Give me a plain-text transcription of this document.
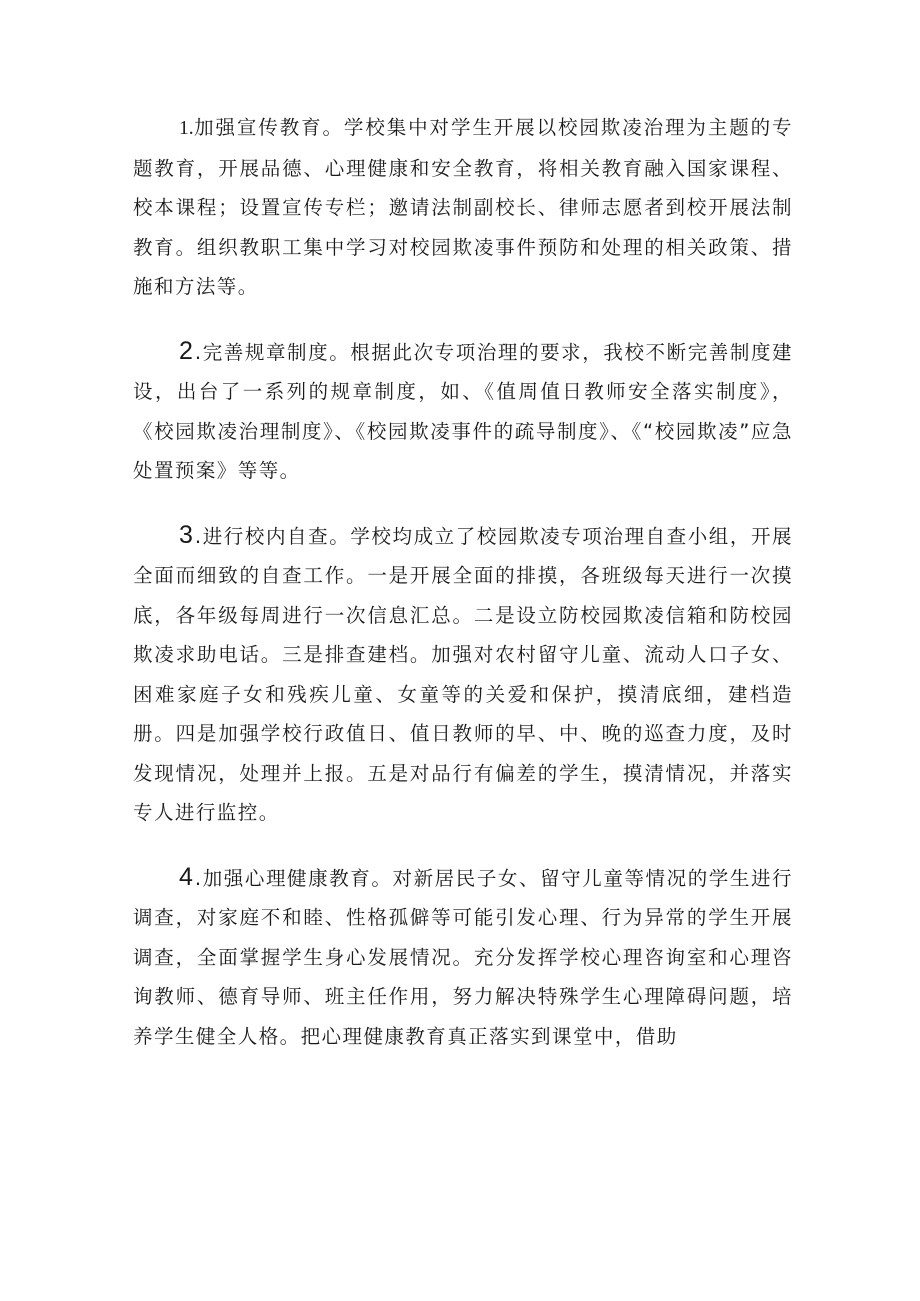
1.加强宣传教育。学校集中对学生开展以校园欺凌治理为主题的专题教育，开展品德、心理健康和安全教育，将相关教育融入国家课程、校本课程；设置宣传专栏；邀请法制副校长、律师志愿者到校开展法制教育。组织教职工集中学习对校园欺凌事件预防和处理的相关政策、措施和方法等。

2.完善规章制度。根据此次专项治理的要求，我校不断完善制度建设，出台了一系列的规章制度，如、《值周值日教师安全落实制度》，《校园欺凌治理制度》、《校园欺凌事件的疏导制度》、《“校园欺凌”应急处置预案》等等。

3.进行校内自查。学校均成立了校园欺凌专项治理自查小组，开展全面而细致的自查工作。一是开展全面的排摸，各班级每天进行一次摸底，各年级每周进行一次信息汇总。二是设立防校园欺凌信箱和防校园欺凌求助电话。三是排查建档。加强对农村留守儿童、流动人口子女、困难家庭子女和残疾儿童、女童等的关爱和保护，摸清底细，建档造册。四是加强学校行政值日、值日教师的早、中、晚的巡查力度，及时发现情况，处理并上报。五是对品行有偏差的学生，摸清情况，并落实专人进行监控。

4.加强心理健康教育。对新居民子女、留守儿童等情况的学生进行调查，对家庭不和睦、性格孤僻等可能引发心理、行为异常的学生开展调查，全面掌握学生身心发展情况。充分发挥学校心理咨询室和心理咨询教师、德育导师、班主任作用，努力解决特殊学生心理障碍问题，培养学生健全人格。把心理健康教育真正落实到课堂中，借助
